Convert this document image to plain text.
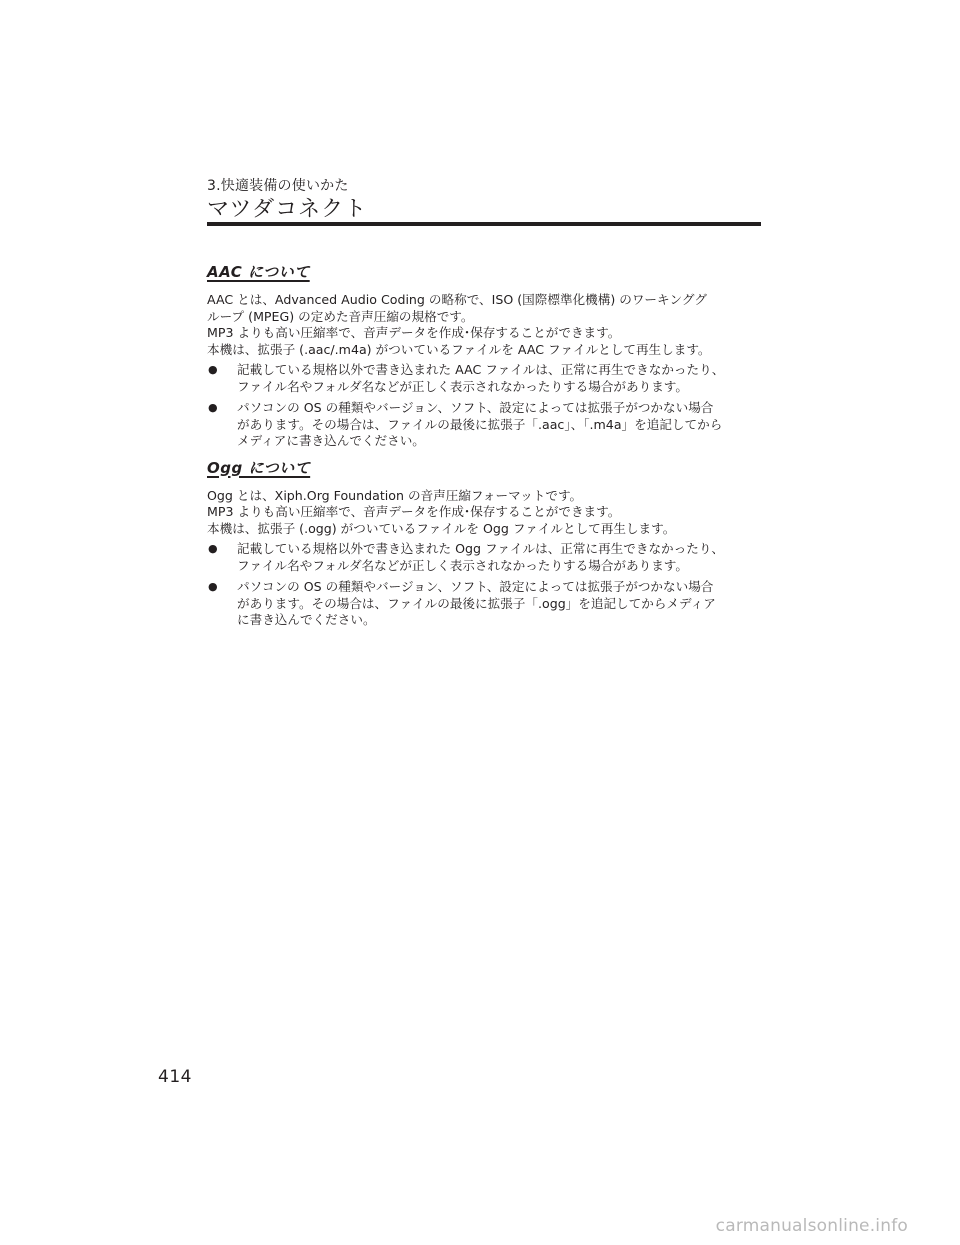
3.快適装備の使いかた
マツダコネクト
AAC について

AAC とは、Advanced Audio Coding の略称で、ISO (国際標準化機構) のワーキンググ

ループ (MPEG) の定めた音声圧縮の規格です。

MP3 よりも高い圧縮率で、音声データを作成･保存することができます。

本機は、拡張子 (.aac/.m4a) がついているファイルを AAC ファイルとして再生します。

● 記載している規格以外で書き込まれた AAC ファイルは、正常に再生できなかったり、
ファイル名やフォルダ名などが正しく表示されなかったりする場合があります。
● パソコンの OS の種類やバージョン、ソフト、設定によっては拡張子がつかない場合
があります。その場合は、ファイルの最後に拡張子「.aac」、「.m4a」を追記してから
メディアに書き込んでください。
Ogg について

Ogg とは、Xiph.Org Foundation の音声圧縮フォーマットです。

MP3 よりも高い圧縮率で、音声データを作成･保存することができます。

本機は、拡張子 (.ogg) がついているファイルを Ogg ファイルとして再生します。

● 記載している規格以外で書き込まれた Ogg ファイルは、正常に再生できなかったり、
ファイル名やフォルダ名などが正しく表示されなかったりする場合があります。
● パソコンの OS の種類やバージョン、ソフト、設定によっては拡張子がつかない場合
があります。その場合は、ファイルの最後に拡張子「.ogg」を追記してからメディア
に書き込んでください。
414
carmanualsonline.info
